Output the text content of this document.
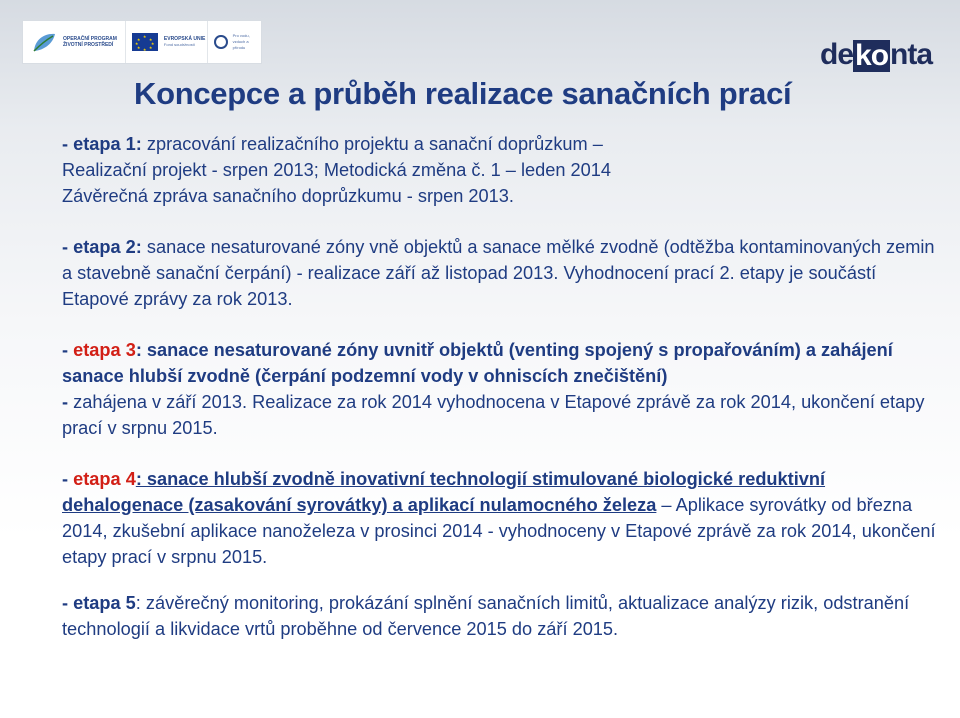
OPERAČNÍ PROGRAM
ŽIVOTNÍ PROSTŘEDÍ
★
★ ★
★	★
★ ★
★
EVROPSKÁ UNIE
Fond soudržnosti
Pro vodu,
vzduch a přírodu	de ko nta
Koncepce a průběh realizace sanačních prací

- etapa 1: zpracování realizačního projektu a sanační doprůzkum –
Realizační projekt - srpen 2013; Metodická změna č. 1 – leden 2014
Závěrečná zpráva sanačního doprůzkumu - srpen 2013.

- etapa 2: sanace nesaturované zóny vně objektů a sanace mělké zvodně (odtěžba kontaminovaných zemin a stavebně sanační čerpání) - realizace září až listopad 2013. Vyhodnocení prací 2. etapy je součástí Etapové zprávy za rok 2013.

- etapa 3: sanace nesaturované zóny uvnitř objektů (venting spojený s propařováním) a zahájení sanace hlubší zvodně (čerpání podzemní vody v ohniscích znečištění)
- zahájena v září 2013. Realizace za rok 2014 vyhodnocena v Etapové zprávě za rok 2014, ukončení etapy prací v srpnu 2015.

- etapa 4: sanace hlubší zvodně inovativní technologií stimulované biologické reduktivní dehalogenace (zasakování syrovátky) a aplikací nulamocného železa – Aplikace syrovátky od března 2014, zkušební aplikace nanoželeza v prosinci 2014 - vyhodnoceny v Etapové zprávě za rok 2014, ukončení etapy prací v srpnu 2015.

- etapa 5: závěrečný monitoring, prokázání splnění sanačních limitů, aktualizace analýzy rizik, odstranění technologií a likvidace vrtů proběhne od července 2015 do září 2015.
